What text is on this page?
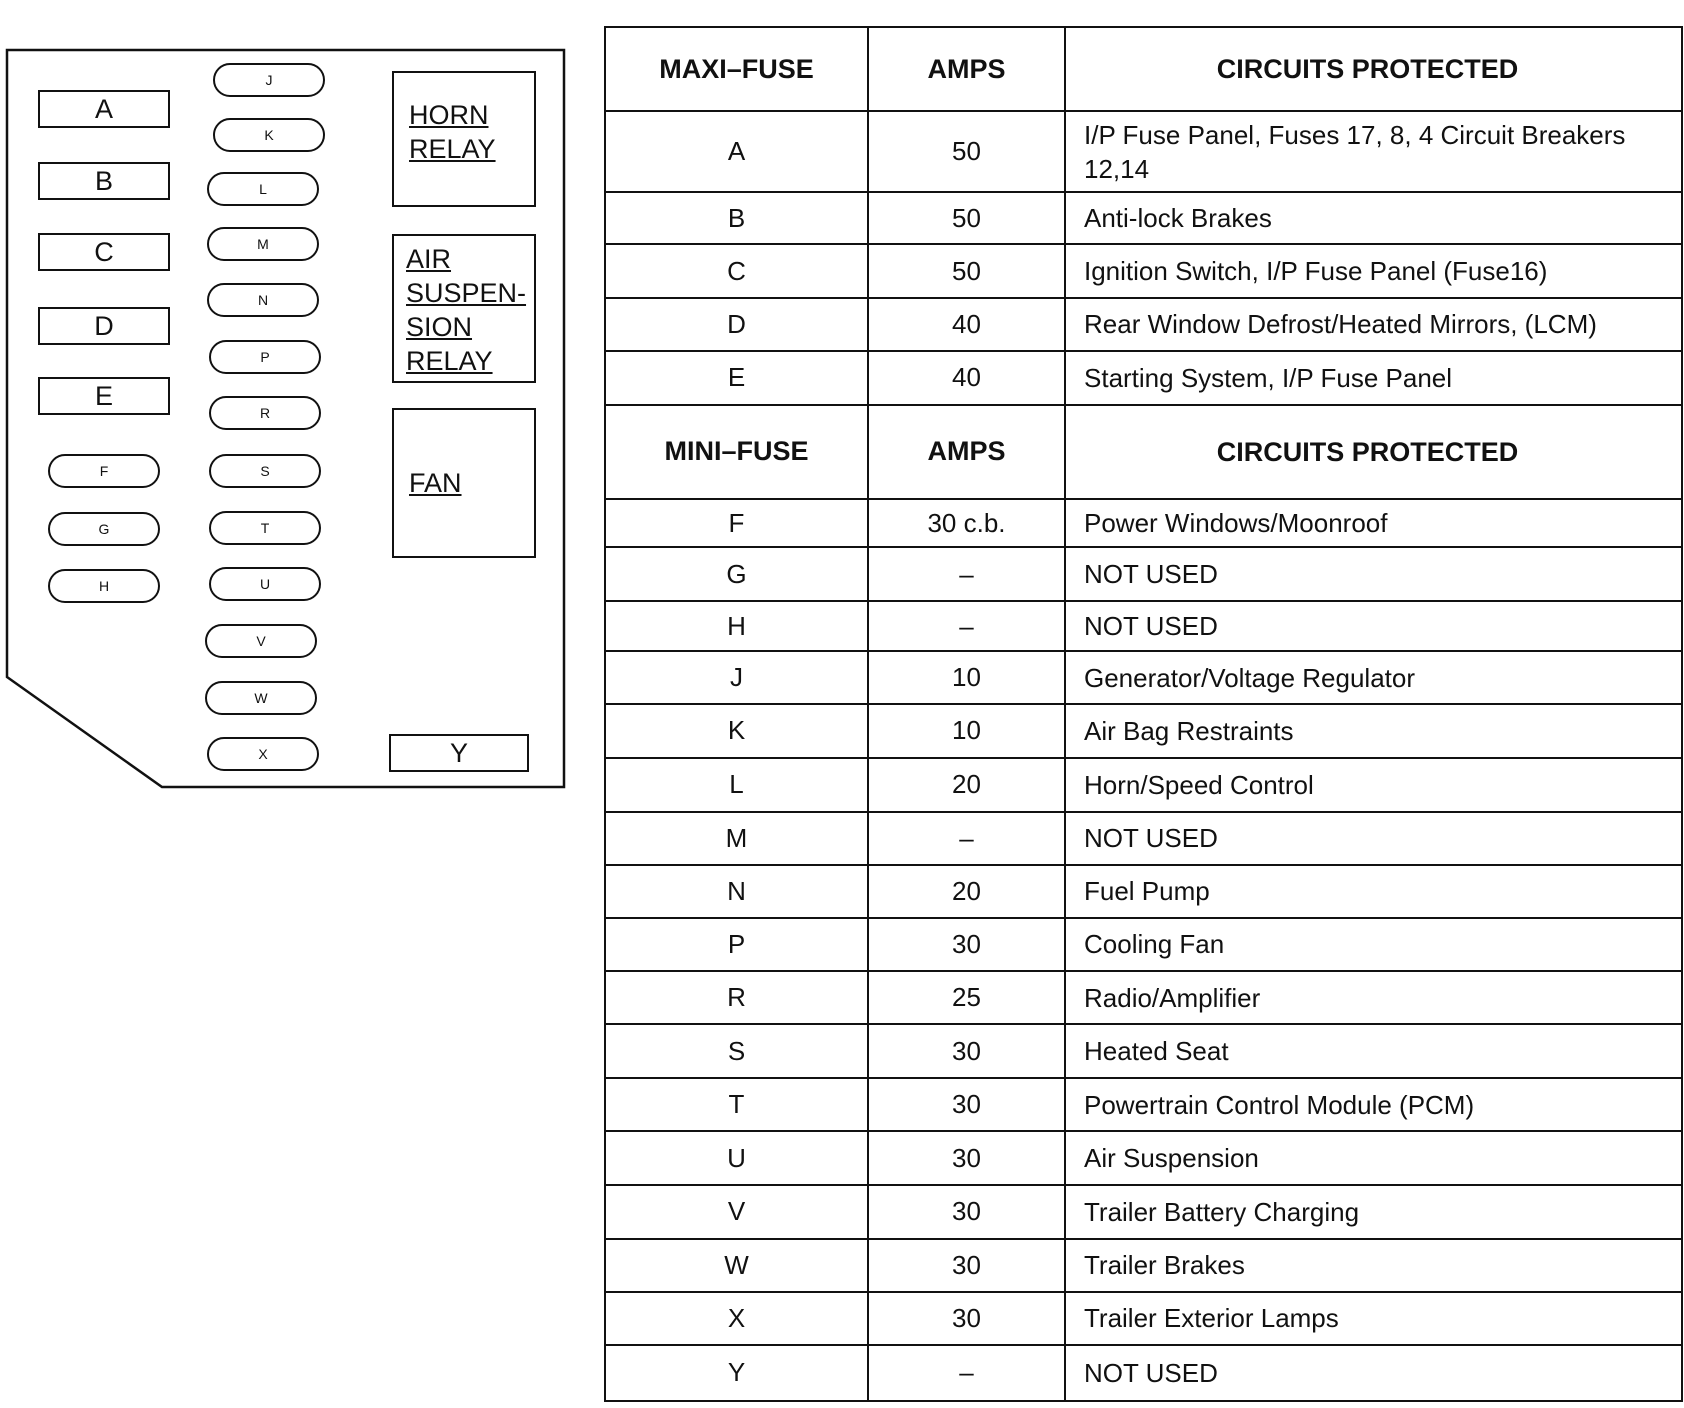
A
B
C
D
E
F
G
H
J
K
L
M
N
P
R
S
T
U
V
W
X
HORN
RELAY
AIR
SUSPEN-
SION
RELAY
FAN
Y
MAXI–FUSE	AMPS	CIRCUITS PROTECTED
A	50	I/P Fuse Panel, Fuses 17, 8, 4 Circuit Breakers 12,14
B	50	Anti-lock Brakes
C	50	Ignition Switch, I/P Fuse Panel (Fuse16)
D	40	Rear Window Defrost/Heated Mirrors, (LCM)
E	40	Starting System, I/P Fuse Panel
MINI–FUSE	AMPS	CIRCUITS PROTECTED
F	30 c.b.	Power Windows/Moonroof
G	–	NOT USED
H	–	NOT USED
J	10	Generator/Voltage Regulator
K	10	Air Bag Restraints
L	20	Horn/Speed Control
M	–	NOT USED
N	20	Fuel Pump
P	30	Cooling Fan
R	25	Radio/Amplifier
S	30	Heated Seat
T	30	Powertrain Control Module (PCM)
U	30	Air Suspension
V	30	Trailer Battery Charging
W	30	Trailer Brakes
X	30	Trailer Exterior Lamps
Y	–	NOT USED
